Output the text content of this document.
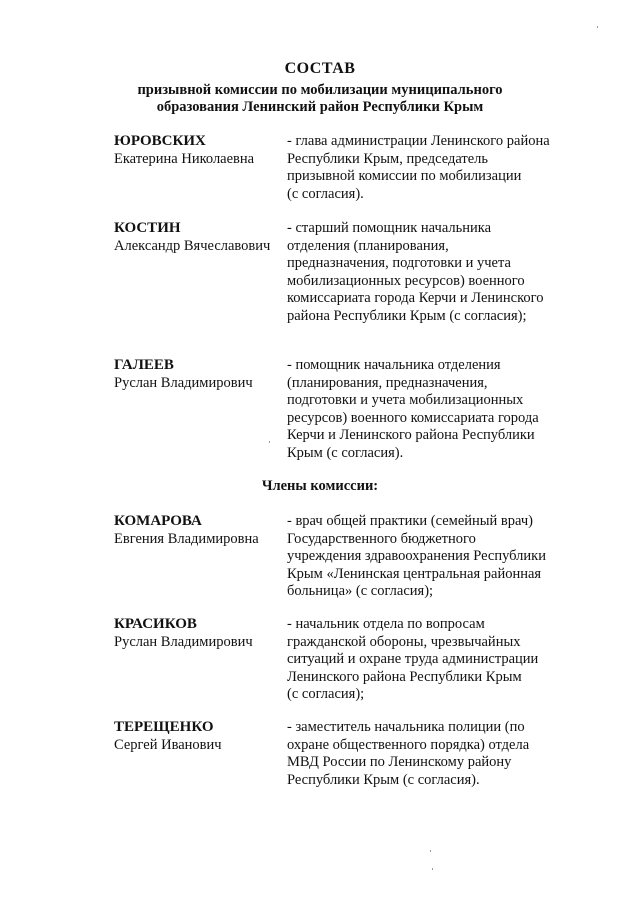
СОСТАВ
призывной комиссии по мобилизации муниципального
образования Ленинский район Республики Крым
ЮРОВСКИХ
Екатерина Николаевна
- глава администрации Ленинского района
Республики Крым, председатель
призывной комиссии по мобилизации
(с согласия).
КОСТИН
Александр Вячеславович
- старший помощник начальника
отделения (планирования,
предназначения, подготовки и учета
мобилизационных ресурсов) военного
комиссариата города Керчи и Ленинского
района Республики Крым (с согласия);
ГАЛЕЕВ
Руслан Владимирович
- помощник начальника отделения
(планирования, предназначения,
подготовки и учета мобилизационных
ресурсов) военного комиссариата города
Керчи и Ленинского района Республики
Крым (с согласия).
Члены комиссии:
КОМАРОВА
Евгения Владимировна
- врач общей практики (семейный врач)
Государственного бюджетного
учреждения здравоохранения Республики
Крым «Ленинская центральная районная
больница» (с согласия);
КРАСИКОВ
Руслан Владимирович
- начальник отдела по вопросам
гражданской обороны, чрезвычайных
ситуаций и охране труда администрации
Ленинского района Республики Крым
(с согласия);
ТЕРЕЩЕНКО
Сергей Иванович
- заместитель начальника полиции (по
охране общественного порядка) отдела
МВД России по Ленинскому району
Республики Крым (с согласия).
